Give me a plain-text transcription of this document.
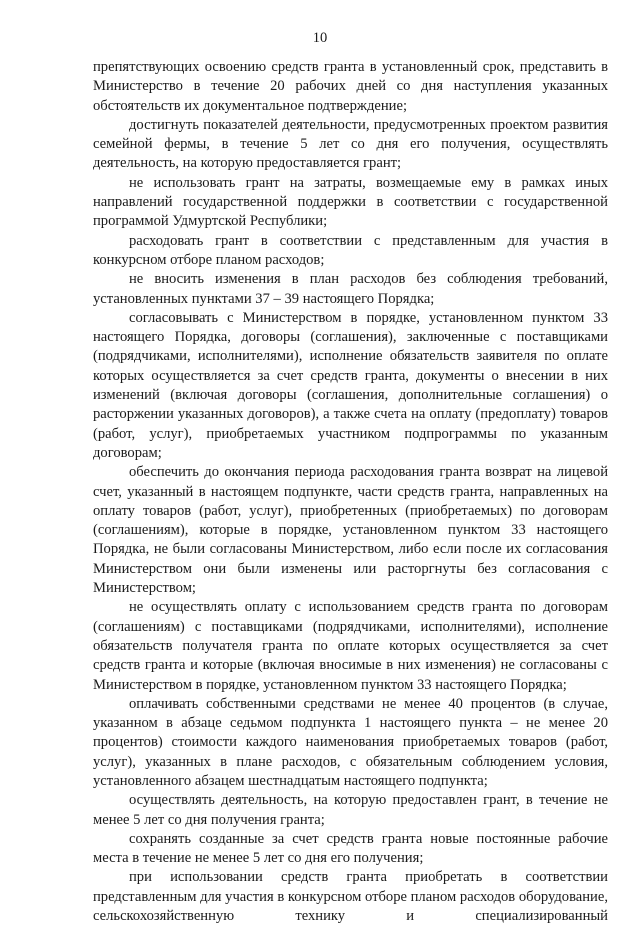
10

препятствующих освоению средств гранта в установленный срок, представить в Министерство в течение 20 рабочих дней со дня наступления указанных обстоятельств их документальное подтверждение;

достигнуть показателей деятельности, предусмотренных проектом развития семейной фермы, в течение 5 лет со дня его получения, осуществлять деятельность, на которую предоставляется грант;

не использовать грант на затраты, возмещаемые ему в рамках иных направлений государственной поддержки в соответствии с государственной программой Удмуртской Республики;

расходовать грант в соответствии с представленным для участия в конкурсном отборе планом расходов;

не вносить изменения в план расходов без соблюдения требований, установленных пунктами 37 – 39 настоящего Порядка;

согласовывать с Министерством в порядке, установленном пунктом 33 настоящего Порядка, договоры (соглашения), заключенные с поставщиками (подрядчиками, исполнителями), исполнение обязательств заявителя по оплате которых осуществляется за счет средств гранта, документы о внесении в них изменений (включая договоры (соглашения, дополнительные соглашения) о расторжении указанных договоров), а также счета на оплату (предоплату) товаров (работ, услуг), приобретаемых участником подпрограммы по указанным договорам;

обеспечить до окончания периода расходования гранта возврат на лицевой счет, указанный в настоящем подпункте, части средств гранта, направленных на оплату товаров (работ, услуг), приобретенных (приобретаемых) по договорам (соглашениям), которые в порядке, установленном пунктом 33 настоящего Порядка, не были согласованы Министерством, либо если после их согласования Министерством они были изменены или расторгнуты без согласования с Министерством;

не осуществлять оплату с использованием средств гранта по договорам (соглашениям) с поставщиками (подрядчиками, исполнителями), исполнение обязательств получателя гранта по оплате которых осуществляется за счет средств гранта и которые (включая вносимые в них изменения) не согласованы с Министерством в порядке, установленном пунктом 33 настоящего Порядка;

оплачивать собственными средствами не менее 40 процентов (в случае, указанном в абзаце седьмом подпункта 1 настоящего пункта – не менее 20 процентов) стоимости каждого наименования приобретаемых товаров (работ, услуг), указанных в плане расходов, с обязательным соблюдением условия, установленного абзацем шестнадцатым настоящего подпункта;

осуществлять деятельность, на которую предоставлен грант, в течение не менее 5 лет со дня получения гранта;

сохранять созданные за счет средств гранта новые постоянные рабочие места в течение не менее 5 лет со дня его получения;

при использовании средств гранта приобретать в соответствии представленным для участия в конкурсном отборе планом расходов оборудование, сельскохозяйственную технику и специализированный
